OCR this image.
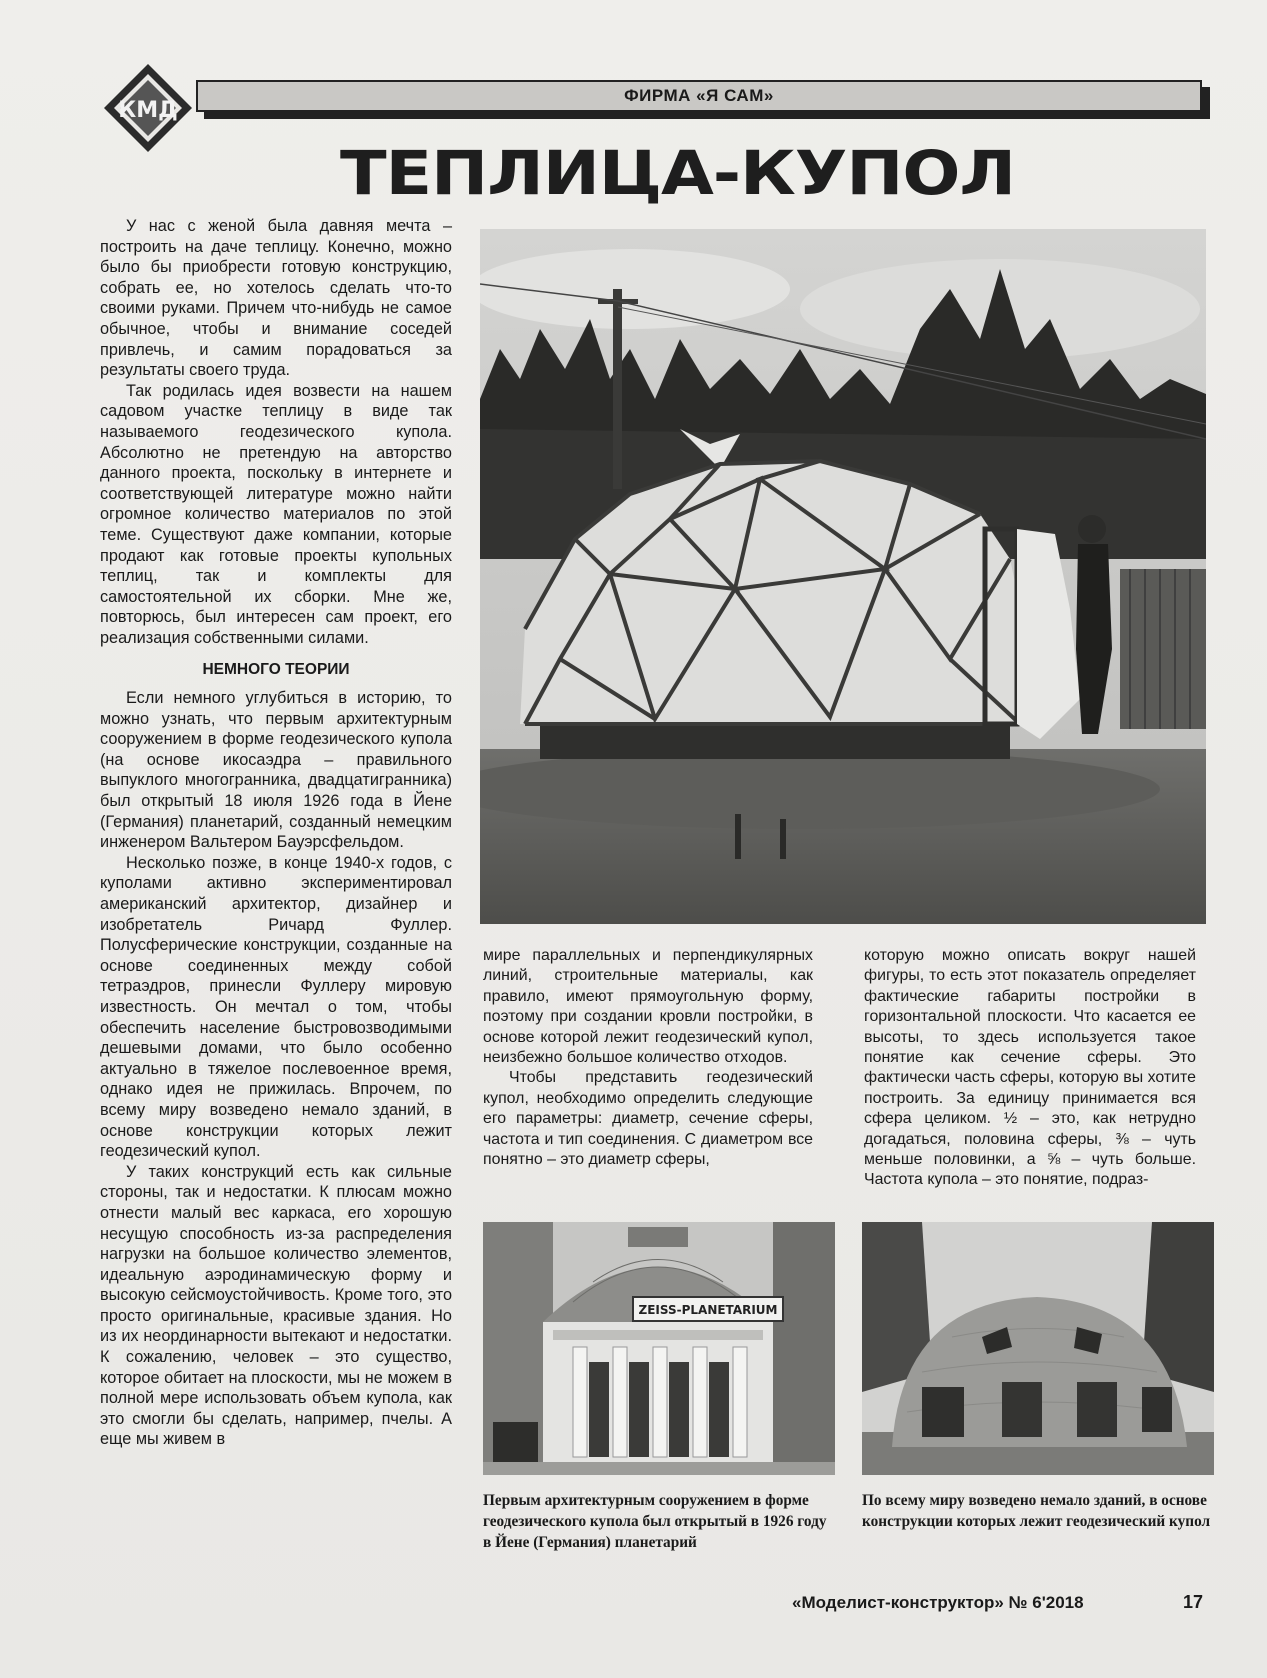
КМД
ФИРМА «Я САМ»
ТЕПЛИЦА-КУПОЛ

У нас с женой была давняя мечта – построить на даче теплицу. Конечно, можно было бы приобрести готовую конструкцию, собрать ее, но хотелось сделать что-то своими руками. Причем что-нибудь не самое обычное, чтобы и внимание соседей привлечь, и самим порадоваться за результаты своего труда.

Так родилась идея возвести на нашем садовом участке теплицу в виде так называемого геодезического купола. Абсолютно не претендую на авторство данного проекта, поскольку в интернете и соответствующей литературе можно найти огромное количество материалов по этой теме. Существуют даже компании, которые продают как готовые проекты купольных теплиц, так и комплекты для самостоятельной их сборки. Мне же, повторюсь, был интересен сам проект, его реализация собственными силами.

НЕМНОГО ТЕОРИИ

Если немного углубиться в историю, то можно узнать, что первым архитектурным сооружением в форме геодезического купола (на основе икосаэдра – правильного выпуклого многогранника, двадцатигранника) был открытый 18 июля 1926 года в Йене (Германия) планетарий, созданный немецким инженером Вальтером Бауэрсфельдом.

Несколько позже, в конце 1940-х годов, с куполами активно экспериментировал американский архитектор, дизайнер и изобретатель Ричард Фуллер. Полусферические конструкции, созданные на основе соединенных между собой тетраэдров, принесли Фуллеру мировую известность. Он мечтал о том, чтобы обеспечить население быстровозводимыми дешевыми домами, что было особенно актуально в тяжелое послевоенное время, однако идея не прижилась. Впрочем, по всему миру возведено немало зданий, в основе конструкции которых лежит геодезический купол.

У таких конструкций есть как сильные стороны, так и недостатки. К плюсам можно отнести малый вес каркаса, его хорошую несущую способность из-за распределения нагрузки на большое количество элементов, идеальную аэродинамическую форму и высокую сейсмоустойчивость. Кроме того, это просто оригинальные, красивые здания. Но из их неординарности вытекают и недостатки. К сожалению, человек – это существо, которое обитает на плоскости, мы не можем в полной мере использовать объем купола, как это смогли бы сделать, например, пчелы. А еще мы живем в

мире параллельных и перпендикулярных линий, строительные материалы, как правило, имеют прямоугольную форму, поэтому при создании кровли постройки, в основе которой лежит геодезический купол, неизбежно большое количество отходов.

Чтобы представить геодезический купол, необходимо определить следующие его параметры: диаметр, сечение сферы, частота и тип соединения. С диаметром все понятно – это диаметр сферы,

которую можно описать вокруг нашей фигуры, то есть этот показатель определяет фактические габариты постройки в горизонтальной плоскости. Что касается ее высоты, то здесь используется такое понятие как сечение сферы. Это фактически часть сферы, которую вы хотите построить. За единицу принимается вся сфера целиком. ½ – это, как нетрудно догадаться, половина сферы, ⅜ – чуть меньше половинки, а ⅝ – чуть больше. Частота купола – это понятие, подраз-

ZEISS-PLANETARIUM

Первым архитектурным сооружением в форме геодезического купола был открытый в 1926 году в Йене (Германия) планетарий

По всему миру возведено немало зданий, в основе конструкции которых лежит геодезический купол

«Моделист-конструктор» № 6'2018	17
